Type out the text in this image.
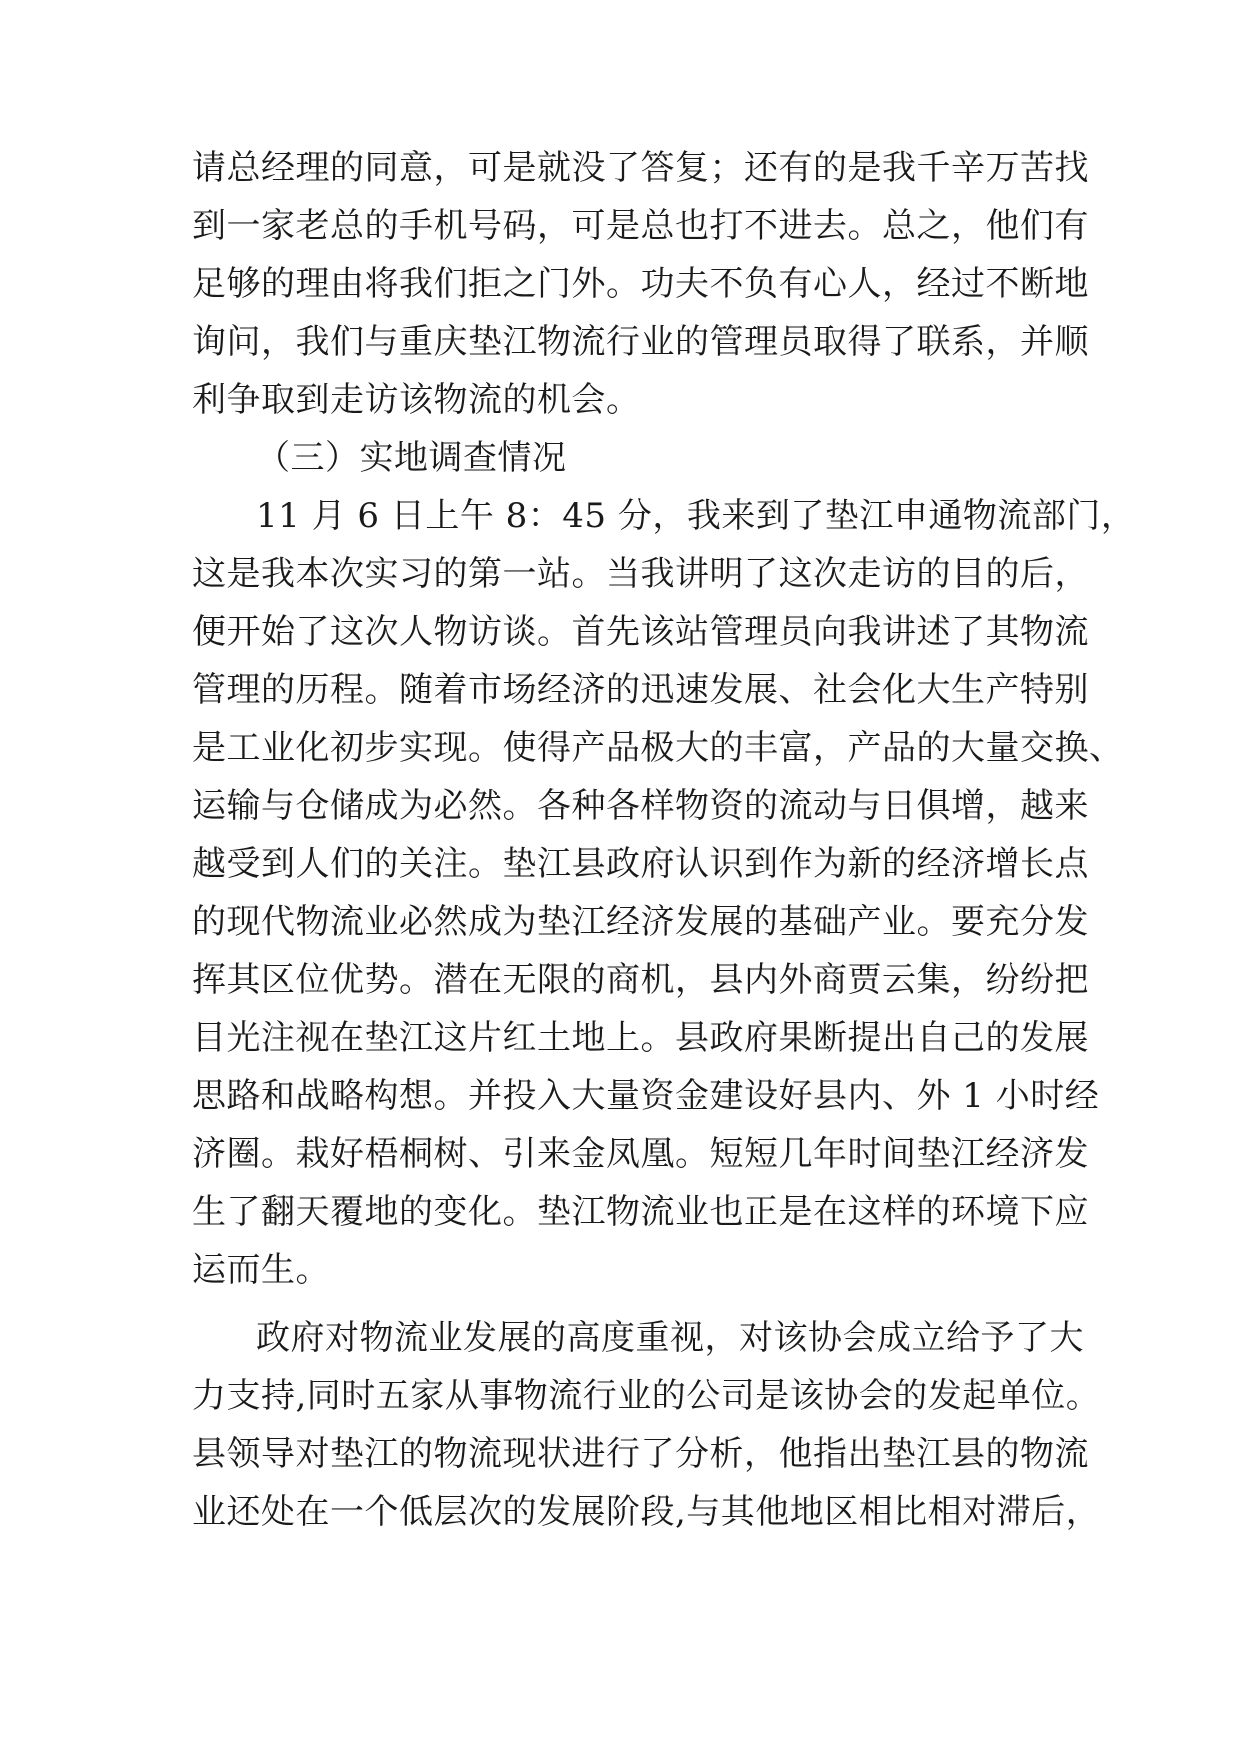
请总经理的同意，可是就没了答复；还有的是我千辛万苦找
到一家老总的手机号码，可是总也打不进去。总之，他们有
足够的理由将我们拒之门外。功夫不负有心人，经过不断地
询问，我们与重庆垫江物流行业的管理员取得了联系，并顺
利争取到走访该物流的机会。
（三）实地调查情况
11 月 6 日上午 8：45 分，我来到了垫江申通物流部门，
这是我本次实习的第一站。当我讲明了这次走访的目的后，
便开始了这次人物访谈。首先该站管理员向我讲述了其物流
管理的历程。随着市场经济的迅速发展、社会化大生产特别
是工业化初步实现。使得产品极大的丰富，产品的大量交换、
运输与仓储成为必然。各种各样物资的流动与日俱增，越来
越受到人们的关注。垫江县政府认识到作为新的经济增长点
的现代物流业必然成为垫江经济发展的基础产业。要充分发
挥其区位优势。潜在无限的商机，县内外商贾云集，纷纷把
目光注视在垫江这片红土地上。县政府果断提出自己的发展
思路和战略构想。并投入大量资金建设好县内、外 1 小时经
济圈。栽好梧桐树、引来金凤凰。短短几年时间垫江经济发
生了翻天覆地的变化。垫江物流业也正是在这样的环境下应
运而生。
政府对物流业发展的高度重视，对该协会成立给予了大
力支持,同时五家从事物流行业的公司是该协会的发起单位。
县领导对垫江的物流现状进行了分析，他指出垫江县的物流
业还处在一个低层次的发展阶段,与其他地区相比相对滞后，
